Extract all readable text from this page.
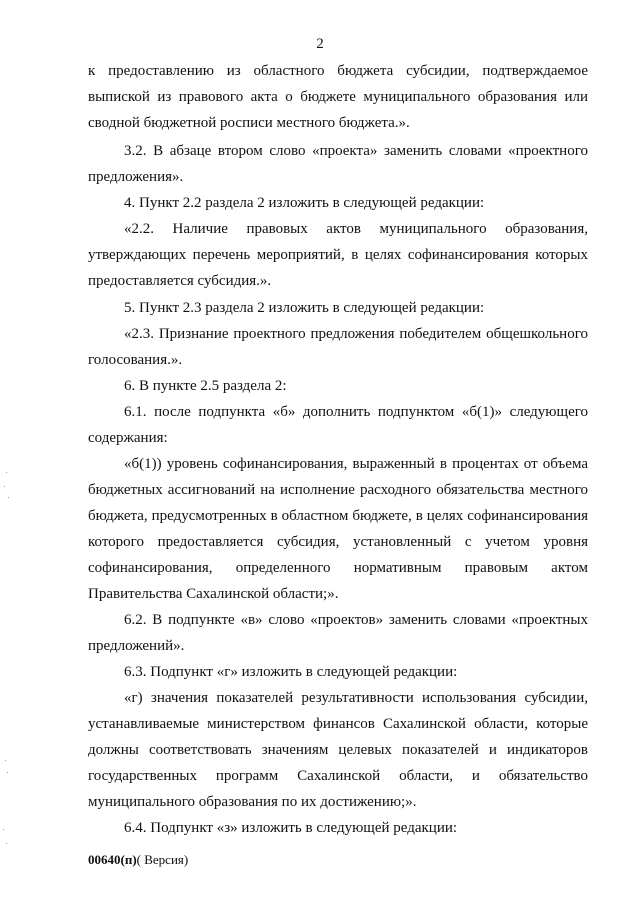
2

к предоставлению из областного бюджета субсидии, подтверждаемое выпиской из правового акта о бюджете муниципального образования или сводной бюджетной росписи местного бюджета.».

3.2. В абзаце втором слово «проекта» заменить словами «проектного предложения».

4. Пункт 2.2 раздела 2 изложить в следующей редакции:

«2.2. Наличие правовых актов муниципального образования, утверждающих перечень мероприятий, в целях софинансирования которых предоставляется субсидия.».

5. Пункт 2.3 раздела 2 изложить в следующей редакции:

«2.3. Признание проектного предложения победителем общешкольного голосования.».

6. В пункте 2.5 раздела 2:

6.1. после подпункта «б» дополнить подпунктом «б(1)» следующего содержания:

«б(1)) уровень софинансирования, выраженный в процентах от объема бюджетных ассигнований на исполнение расходного обязательства местного бюджета, предусмотренных в областном бюджете, в целях софинансирования которого предоставляется субсидия, установленный с учетом уровня софинансирования, определенного нормативным правовым актом Правительства Сахалинской области;».

6.2. В подпункте «в» слово «проектов» заменить словами «проектных предложений».

6.3. Подпункт «г» изложить в следующей редакции:

«г) значения показателей результативности использования субсидии, устанавливаемые министерством финансов Сахалинской области, которые должны соответствовать значениям целевых показателей и индикаторов государственных программ Сахалинской области, и обязательство муниципального образования по их достижению;».

6.4. Подпункт «з» изложить в следующей редакции:

00640(п)( Версия)
